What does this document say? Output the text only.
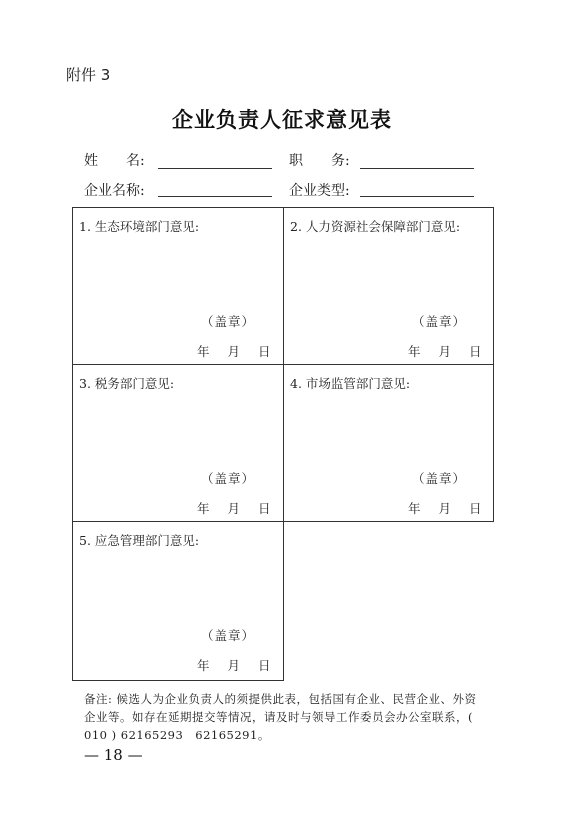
附件 3
企业负责人征求意见表
姓　　名:	职　　务:
企业名称:	企业类型:
1. 生态环境部门意见:
（盖章）
年 月 日
2. 人力资源社会保障部门意见:
（盖章）
年 月 日
3. 税务部门意见:
（盖章）
年 月 日
4. 市场监管部门意见:
（盖章）
年 月 日
5. 应急管理部门意见:
（盖章）
年 月 日
备注: 候选人为企业负责人的须提供此表，包括国有企业、民营企业、外资企业等。如存在延期提交等情况，请及时与领导工作委员会办公室联系，( 010 ) 62165293　62165291。
— 18 —
